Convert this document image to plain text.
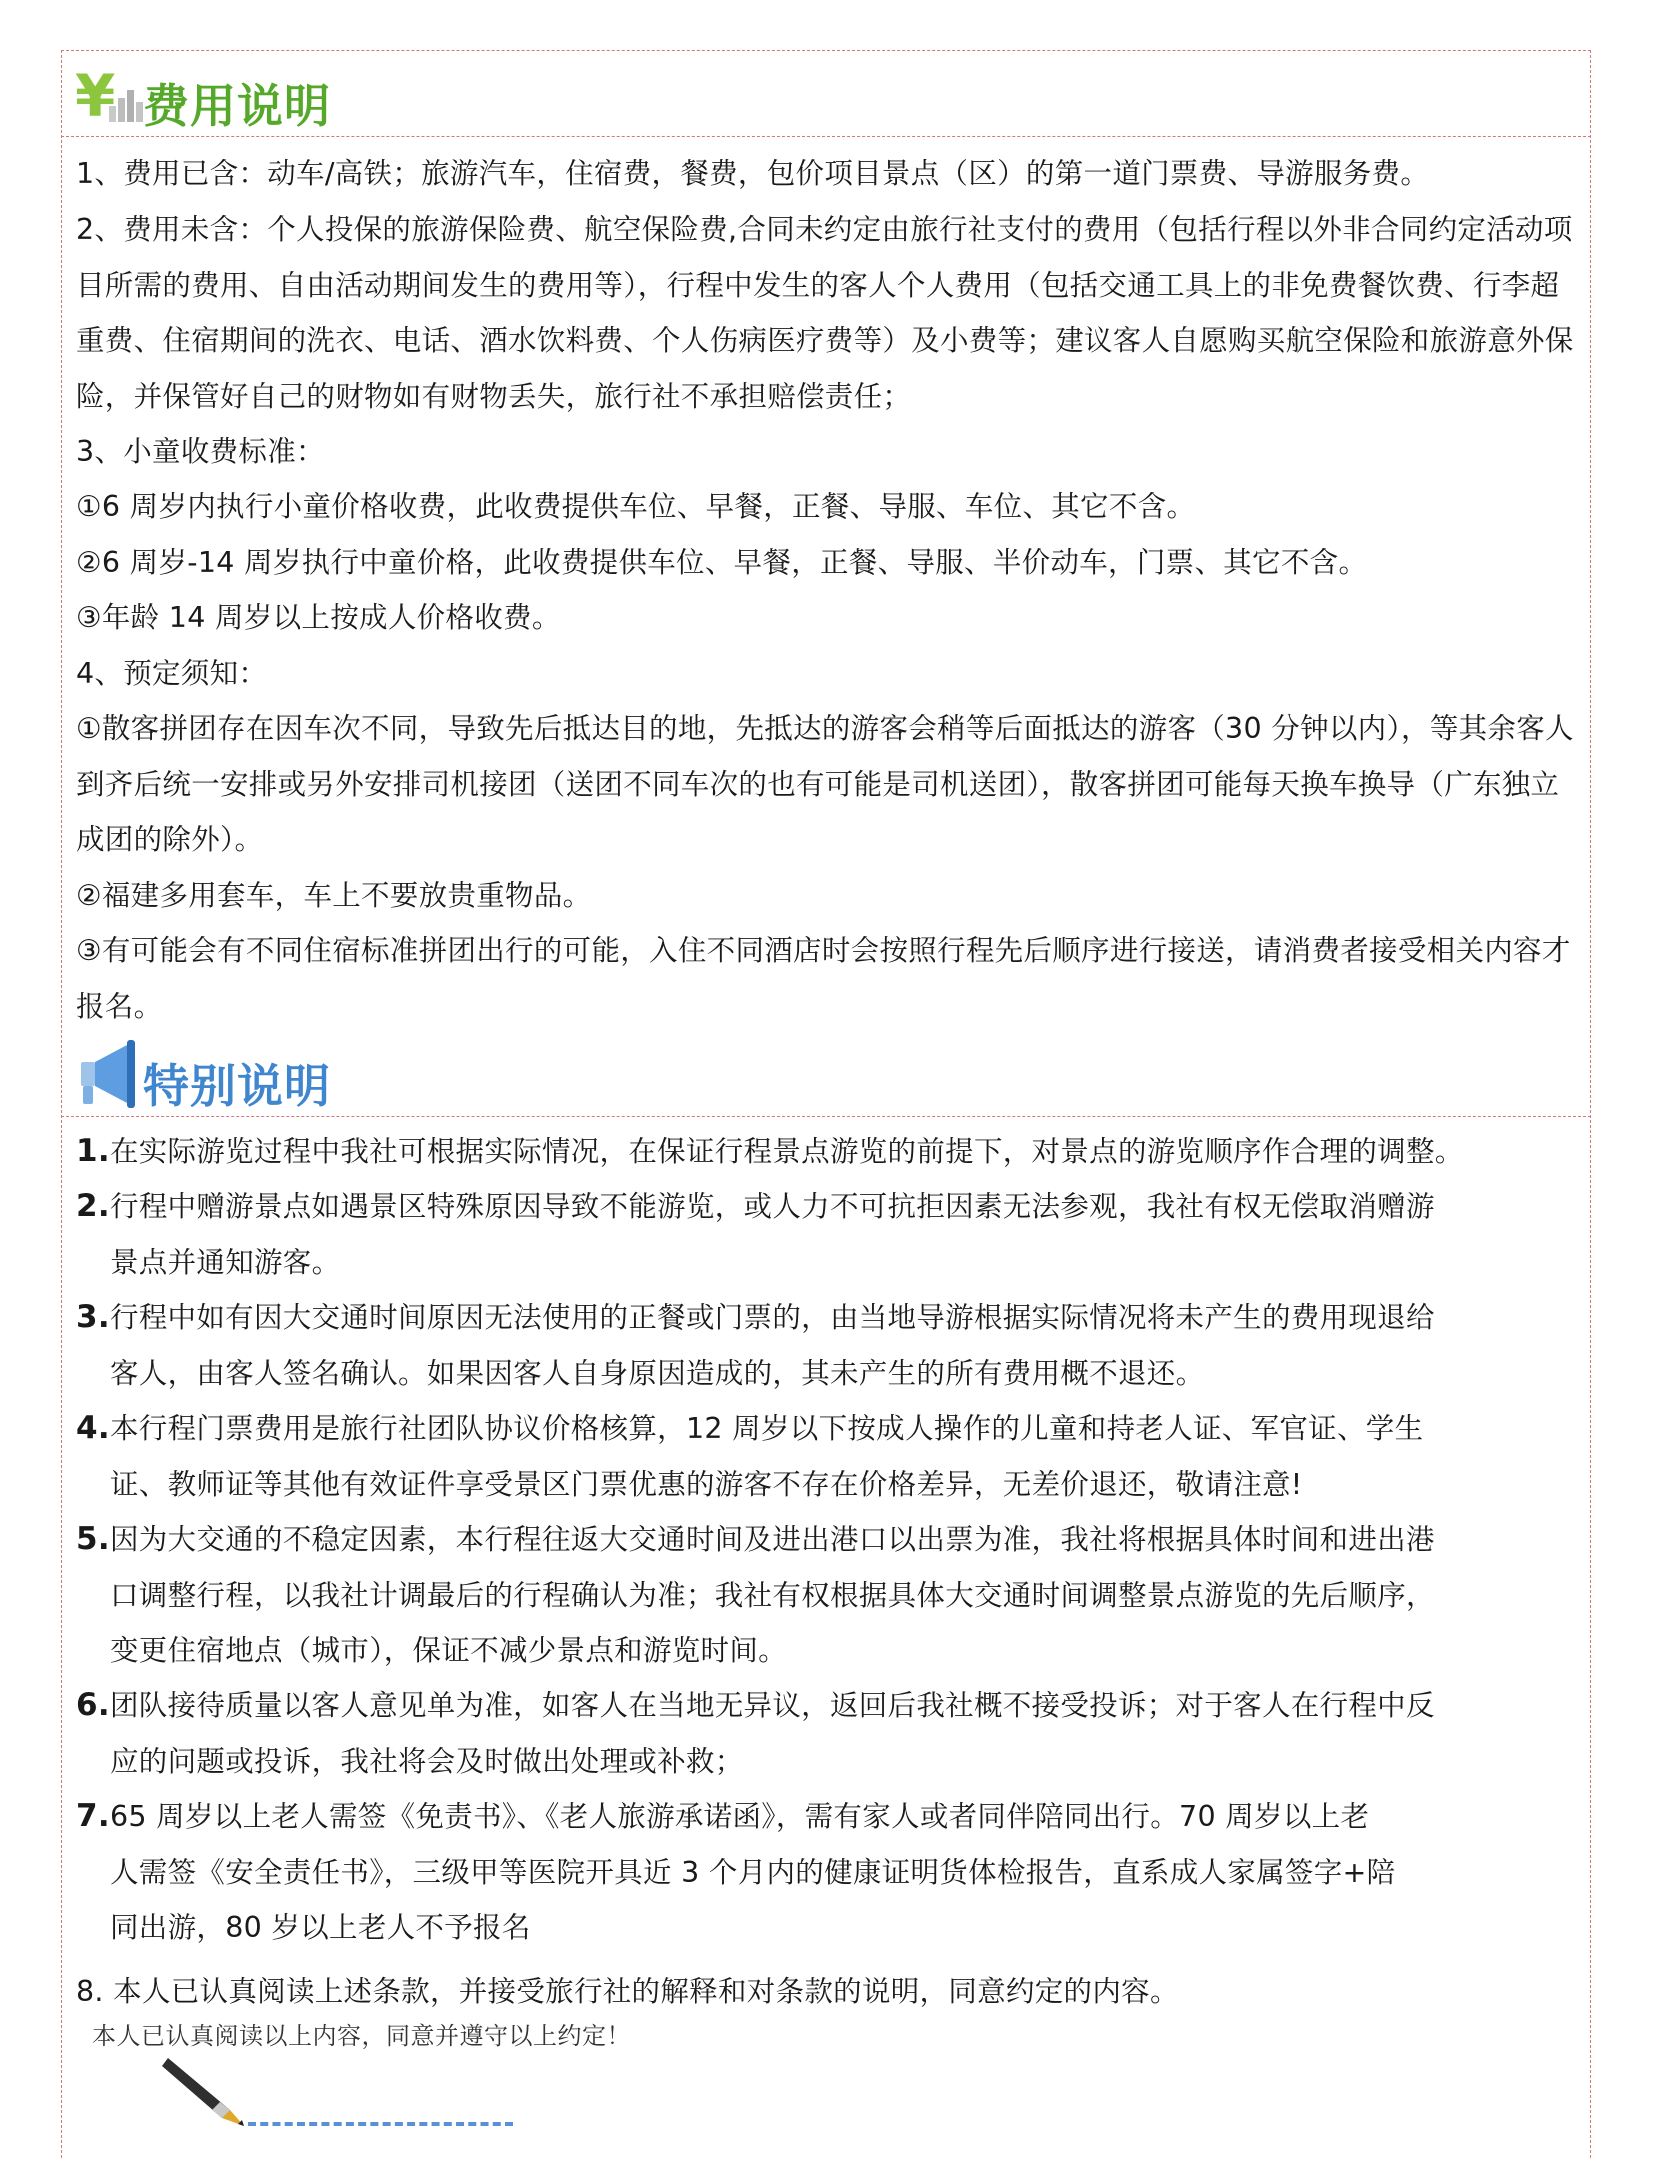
¥ 费用说明

1、费用已含：动车/高铁；旅游汽车，住宿费，餐费，包价项目景点（区）的第一道门票费、导游服务费。

2、费用未含：个人投保的旅游保险费、航空保险费,合同未约定由旅行社支付的费用（包括行程以外非合同约定活动项目所需的费用、自由活动期间发生的费用等），行程中发生的客人个人费用（包括交通工具上的非免费餐饮费、行李超重费、住宿期间的洗衣、电话、酒水饮料费、个人伤病医疗费等）及小费等；建议客人自愿购买航空保险和旅游意外保险，并保管好自己的财物如有财物丢失，旅行社不承担赔偿责任；

3、小童收费标准：

①6 周岁内执行小童价格收费，此收费提供车位、早餐，正餐、导服、车位、其它不含。

②6 周岁-14 周岁执行中童价格，此收费提供车位、早餐，正餐、导服、半价动车，门票、其它不含。

③年龄 14 周岁以上按成人价格收费。

4、预定须知：

①散客拼团存在因车次不同，导致先后抵达目的地，先抵达的游客会稍等后面抵达的游客（30 分钟以内），等其余客人到齐后统一安排或另外安排司机接团（送团不同车次的也有可能是司机送团），散客拼团可能每天换车换导（广东独立成团的除外）。

②福建多用套车，车上不要放贵重物品。

③有可能会有不同住宿标准拼团出行的可能，入住不同酒店时会按照行程先后顺序进行接送，请消费者接受相关内容才报名。

特别说明
1.在实际游览过程中我社可根据实际情况，在保证行程景点游览的前提下，对景点的游览顺序作合理的调整。
2.行程中赠游景点如遇景区特殊原因导致不能游览，或人力不可抗拒因素无法参观，我社有权无偿取消赠游
景点并通知游客。
3.行程中如有因大交通时间原因无法使用的正餐或门票的，由当地导游根据实际情况将未产生的费用现退给
客人，由客人签名确认。如果因客人自身原因造成的，其未产生的所有费用概不退还。
4.本行程门票费用是旅行社团队协议价格核算，12 周岁以下按成人操作的儿童和持老人证、军官证、学生
证、教师证等其他有效证件享受景区门票优惠的游客不存在价格差异，无差价退还，敬请注意!
5.因为大交通的不稳定因素，本行程往返大交通时间及进出港口以出票为准，我社将根据具体时间和进出港
口调整行程，以我社计调最后的行程确认为准；我社有权根据具体大交通时间调整景点游览的先后顺序，
变更住宿地点（城市），保证不减少景点和游览时间。
6.团队接待质量以客人意见单为准，如客人在当地无异议，返回后我社概不接受投诉；对于客人在行程中反
应的问题或投诉，我社将会及时做出处理或补救；
7.65 周岁以上老人需签《免责书》、《老人旅游承诺函》，需有家人或者同伴陪同出行。70 周岁以上老
人需签《安全责任书》，三级甲等医院开具近 3 个月内的健康证明货体检报告，直系成人家属签字+陪
同出游，80 岁以上老人不予报名

8. 本人已认真阅读上述条款，并接受旅行社的解释和对条款的说明，同意约定的内容。

本人已认真阅读以上内容，同意并遵守以上约定！
